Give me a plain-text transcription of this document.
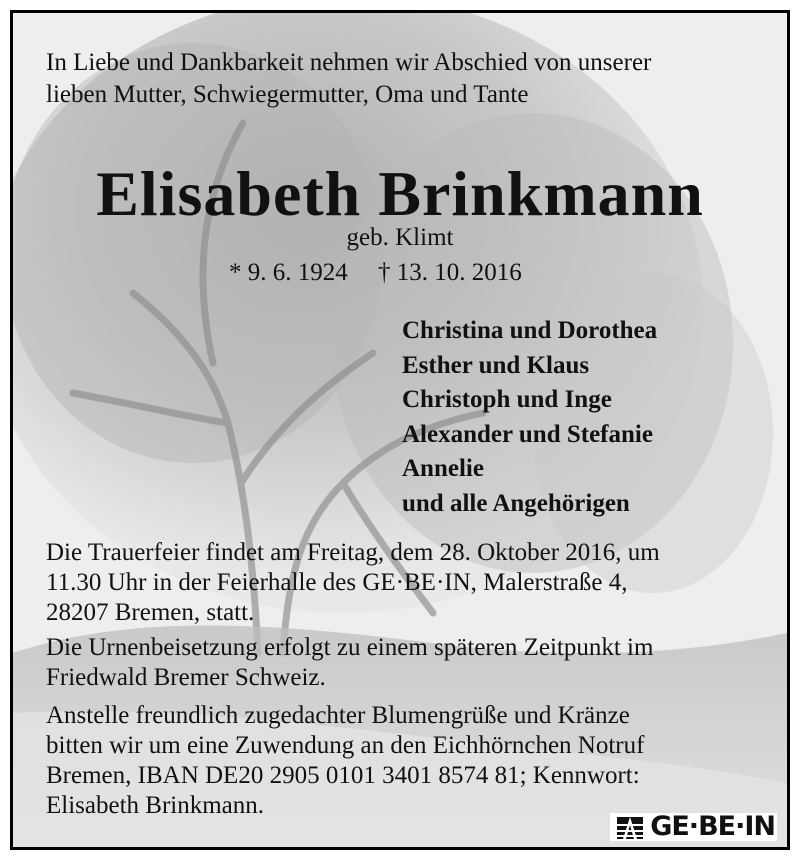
In Liebe und Dankbarkeit nehmen wir Abschied von unserer
lieben Mutter, Schwiegermutter, Oma und Tante
Elisabeth Brinkmann
geb. Klimt
* 9. 6. 1924 † 13. 10. 2016
Christina und Dorothea
Esther und Klaus
Christoph und Inge
Alexander und Stefanie
Annelie
und alle Angehörigen
Die Trauerfeier findet am Freitag, dem 28. Oktober 2016, um
11.30 Uhr in der Feierhalle des GE·BE·IN, Malerstraße 4,
28207 Bremen, statt.
Die Urnenbeisetzung erfolgt zu einem späteren Zeitpunkt im
Friedwald Bremer Schweiz.
Anstelle freundlich zugedachter Blumengrüße und Kränze
bitten wir um eine Zuwendung an den Eichhörnchen Notruf
Bremen, IBAN DE20 2905 0101 3401 8574 81; Kennwort:
Elisabeth Brinkmann.
GE·BE·IN
